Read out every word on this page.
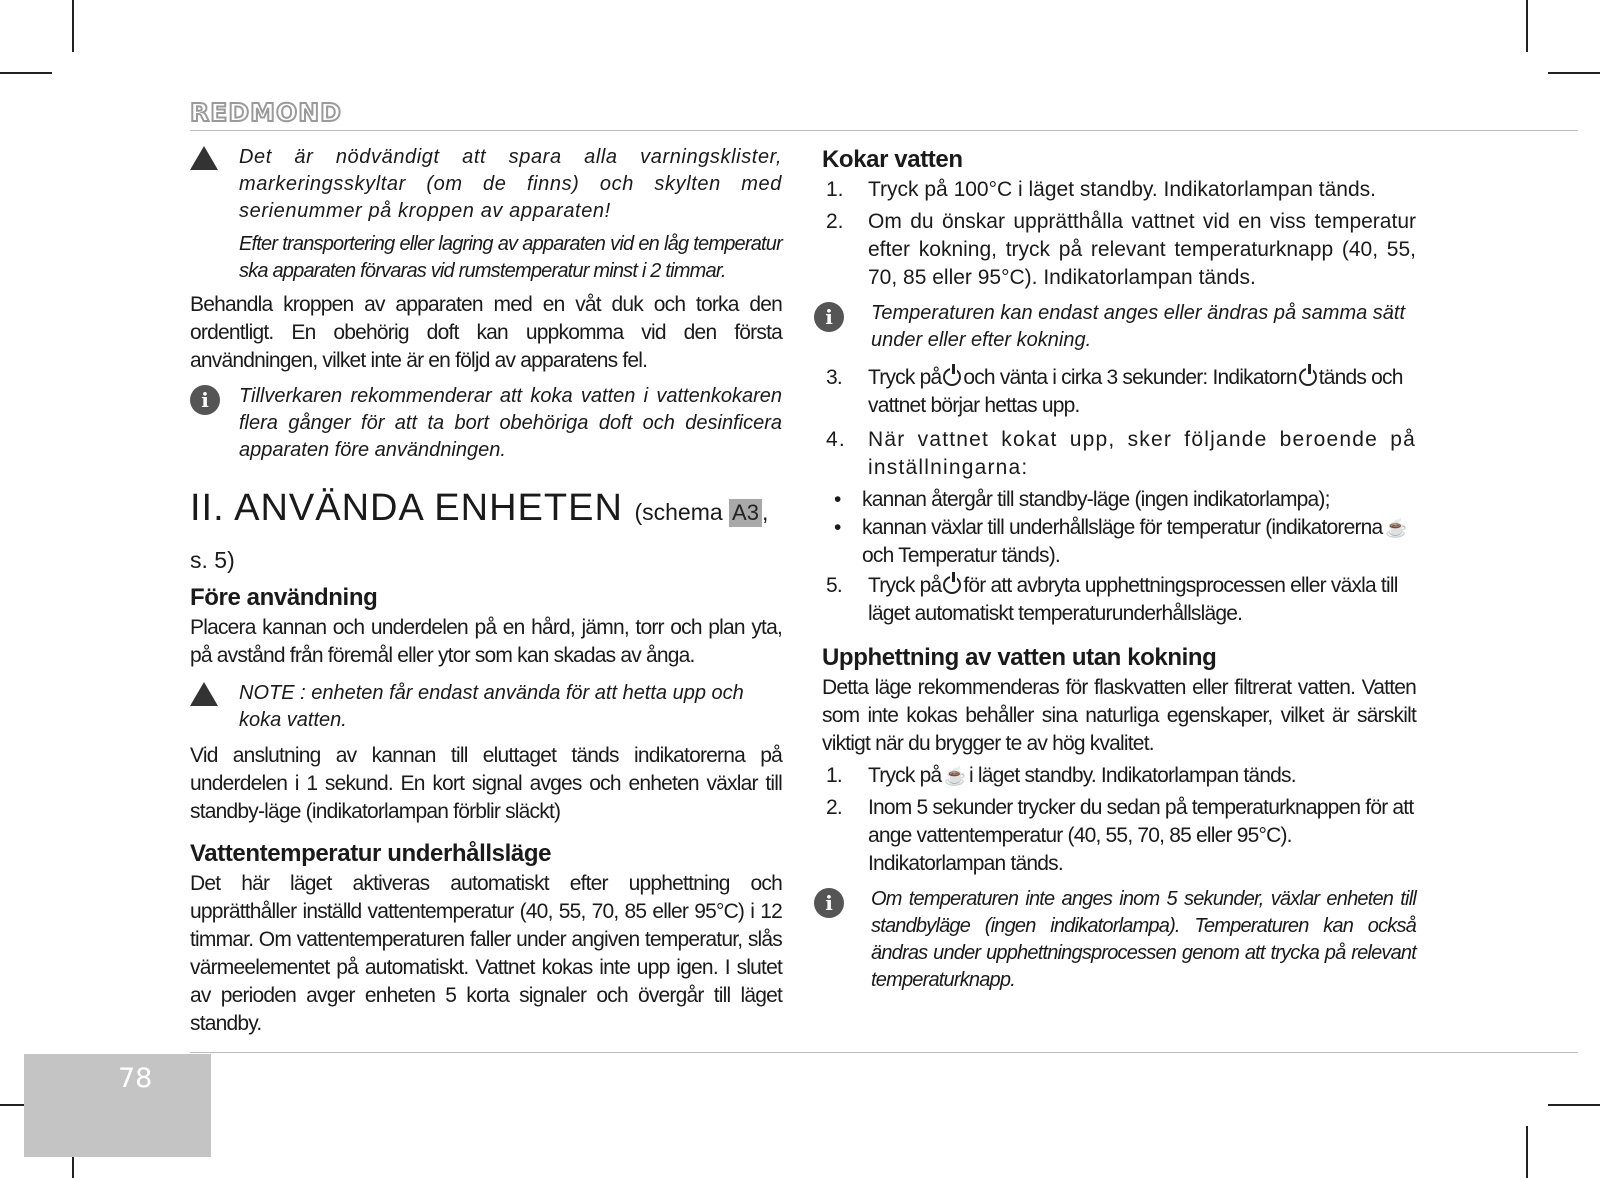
REDMOND

Det är nödvändigt att spara alla varningsklister, markeringsskyltar (om de finns) och skylten med serienummer på kroppen av apparaten!

Efter transportering eller lagring av apparaten vid en låg temperatur ska apparaten förvaras vid rumstemperatur minst i 2 timmar.

Behandla kroppen av apparaten med en våt duk och torka den ordentligt. En obehörig doft kan uppkomma vid den första användningen, vilket inte är en följd av apparatens fel.

i	Tillverkaren rekommenderar att koka vatten i vattenkokaren flera gånger för att ta bort obehöriga doft och desinficera apparaten före användningen.

II. ANVÄNDA ENHETEN (schema A3 , s. 5)
Före användning

Placera kannan och underdelen på en hård, jämn, torr och plan yta, på avstånd från föremål eller ytor som kan skadas av ånga.

NOTE : enheten får endast använda för att hetta upp och koka vatten.

Vid anslutning av kannan till eluttaget tänds indikatorerna på underdelen i 1 sekund. En kort signal avges och enheten växlar till standby-läge (indikatorlampan förblir släckt)

Vattentemperatur underhållsläge

Det här läget aktiveras automatiskt efter upphettning och upprätthåller inställd vattentemperatur (40, 55, 70, 85 eller 95°C) i 12 timmar. Om vattentemperaturen faller under angiven temperatur, slås värmeelementet på automatiskt. Vattnet kokas inte upp igen. I slutet av perioden avger enheten 5 korta signaler och övergår till läget standby.

Kokar vatten
1. Tryck på 100°C i läget standby. Indikatorlampan tänds.
2. Om du önskar upprätthålla vattnet vid en viss temperatur efter kokning, tryck på relevant temperaturknapp (40, 55, 70, 85 eller 95°C). Indikatorlampan tänds.
i	Temperaturen kan endast anges eller ändras på samma sätt under eller efter kokning.

3. Tryck på och vänta i cirka 3 sekunder: Indikatorn tänds och vattnet börjar hettas upp.
4. När vattnet kokat upp, sker följande beroende på inställningarna:
• kannan återgår till standby-läge (ingen indikatorlampa);
• kannan växlar till underhållsläge för temperatur (indikatorerna ☕och Temperatur tänds).
5. Tryck på för att avbryta upphettningsprocessen eller växla till läget automatiskt temperaturunderhållsläge.
Upphettning av vatten utan kokning

Detta läge rekommenderas för flaskvatten eller filtrerat vatten. Vatten som inte kokas behåller sina naturliga egenskaper, vilket är särskilt viktigt när du brygger te av hög kvalitet.

1. Tryck på ☕ i läget standby. Indikatorlampan tänds.
2. Inom 5 sekunder trycker du sedan på temperaturknappen för att ange vattentemperatur (40, 55, 70, 85 eller 95°C). Indikatorlampan tänds.
i	Om temperaturen inte anges inom 5 sekunder, växlar enheten till standbyläge (ingen indikatorlampa). Temperaturen kan också ändras under upphettningsprocessen genom att trycka på relevant temperaturknapp.

78
